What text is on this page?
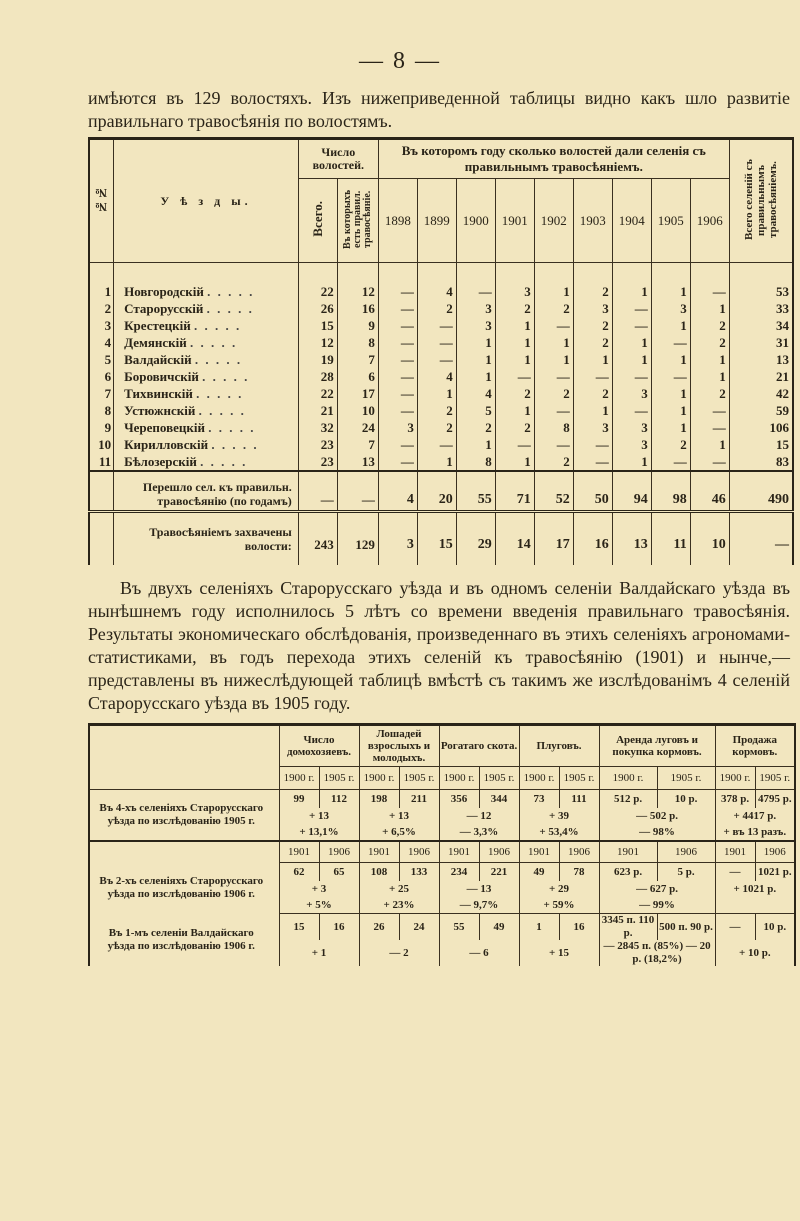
— 8 —
имѣются въ 129 волостяхъ. Изъ нижеприведенной таблицы видно какъ шло развитіе правильнаго травосѣянія по волостямъ.
№№	У ѣ з д ы.	Число волостей.		Въ которомъ году сколько волостей дали селенія съ правильнымъ травосѣяніемъ.									Всего селеній съ правильнымъ травосѣяніемъ.
		Всего.	Въ которыхъ есть правил. травосѣяніе.	1898	1899	1900	1901	1902	1903	1904	1905	1906	

1	Новгородскій . . . . .	22	12	—	4	—	3	1	2	1	1	—	53
2	Старорусскій . . . . .	26	16	—	2	3	2	2	3	—	3	1	33
3	Крестецкій . . . . .	15	9	—	—	3	1	—	2	—	1	2	34
4	Демянскій . . . . .	12	8	—	—	1	1	1	2	1	—	2	31
5	Валдайскій . . . . .	19	7	—	—	1	1	1	1	1	1	1	13
6	Боровичскій . . . . .	28	6	—	4	1	—	—	—	—	—	1	21
7	Тихвинскій . . . . .	22	17	—	1	4	2	2	2	3	1	2	42
8	Устюжнскій . . . . .	21	10	—	2	5	1	—	1	—	1	—	59
9	Череповецкій . . . . .	32	24	3	2	2	2	8	3	3	1	—	106
10	Кирилловскій . . . . .	23	7	—	—	1	—	—	—	3	2	1	15
11	Бѣлозерскій . . . . .	23	13	—	1	8	1	2	—	1	—	—	83
	Перешло сел. къ правильн. травосѣянію (по годамъ)	—	—	4	20	55	71	52	50	94	98	46	490
	Травосѣяніемъ захвачены волости:	243	129	3	15	29	14	17	16	13	11	10	—

Въ двухъ селеніяхъ Старорусскаго уѣзда и въ одномъ селеніи Валдайскаго уѣзда въ нынѣшнемъ году исполнилось 5 лѣтъ со времени введенія правильнаго травосѣянія. Результаты экономическаго обслѣдованія, произведеннаго въ этихъ селеніяхъ агрономами-статистиками, въ годъ перехода этихъ селеній къ травосѣянію (1901) и нынче,— представлены въ нижеслѣдующей таблицѣ вмѣстѣ съ такимъ же изслѣдованімъ 4 селеній Старорусскаго уѣзда въ 1905 году.
	Число домохозяевъ.		Лошадей взрослыхъ и молодыхъ.		Рогатаго скота.		Плуговъ.		Аренда луговъ и покупка кормовъ.		Продажа кормовъ.	
	1900 г.	1905 г.	1900 г.	1905 г.	1900 г.	1905 г.	1900 г.	1905 г.	1900 г.	1905 г.	1900 г.	1905 г.
Въ 4-хъ селеніяхъ Старорусскаго уѣзда по изслѣдованію 1905 г.	99	112	198	211	356	344	73	111	512 р.	10 р.	378 р.	4795 р.
	+ 13		+ 13		— 12		+ 39		— 502 р.		+ 4417 р.	
	+ 13,1%		+ 6,5%		— 3,3%		+ 53,4%		— 98%		+ въ 13 разъ.	
	1901	1906	1901	1906	1901	1906	1901	1906	1901	1906	1901	1906
Въ 2-хъ селеніяхъ Старорусскаго уѣзда по изслѣдованію 1906 г.	62	65	108	133	234	221	49	78	623 р.	5 р.	—	1021 р.
	+ 3		+ 25		— 13		+ 29		— 627 р.		+ 1021 р.	
	+ 5%		+ 23%		— 9,7%		+ 59%		— 99%			
Въ 1-мъ селеніи Валдайскаго уѣзда по изслѣдованію 1906 г.	15	16	26	24	55	49	1	16	3345 п. 110 р.	500 п. 90 р.	—	10 р.
	+ 1		— 2		— 6		+ 15		— 2845 п. (85%) — 20 р. (18,2%)		+ 10 р.	
